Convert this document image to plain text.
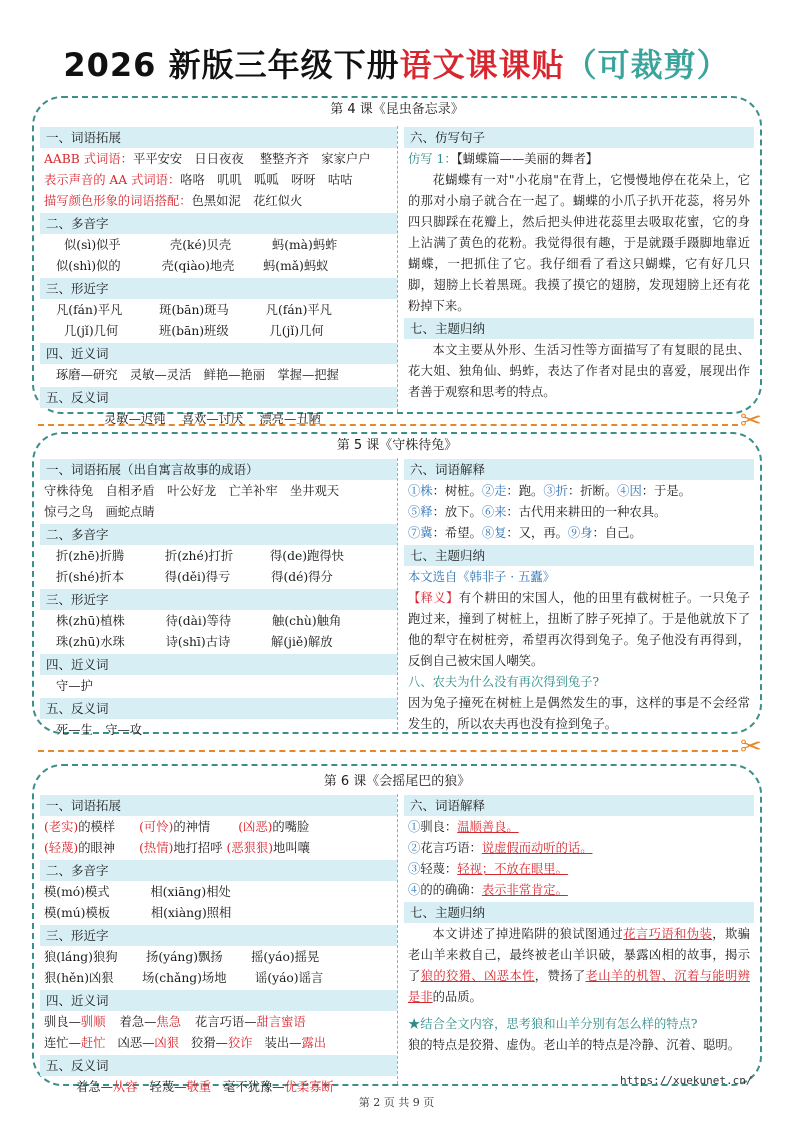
2026 新版三年级下册语文课课贴（可裁剪）
第 4 课《昆虫备忘录》
一、词语拓展
AABB 式词语：平平安安　日日夜夜　 整整齐齐　家家户户
表示声音的 AA 式词语：咯咯　叽叽　呱呱　呀呀　咕咕
描写颜色形象的词语搭配：色黑如泥　花红似火
二、多音字
似(sì)似乎　　　　壳(ké)贝壳　　　 蚂(mà)蚂蚱
似(shì)似的　　　 壳(qiào)地壳　　 蚂(mǎ)蚂蚁
三、形近字
凡(fán)平凡　　　斑(bān)斑马　　　凡(fán)平凡
几(jǐ)几何　　　 班(bān)班级　　　 几(jǐ)几何
四、近义词
琢磨—研究　灵敏—灵活　鲜艳—艳丽　掌握—把握
五、反义词
灵敏—迟钝　 喜欢—讨厌　 漂亮—丑陋
六、仿写句子
仿写 1：【蝴蝶篇——美丽的舞者】
花蝴蝶有一对"小花扇"在背上，它慢慢地停在花朵上，它的那对小扇子就合在一起了。蝴蝶的小爪子扒开花蕊，将另外四只脚踩在花瓣上，然后把头伸进花蕊里去吸取花蜜，它的身上沾满了黄色的花粉。我觉得很有趣，于是就蹑手蹑脚地靠近蝴蝶，一把抓住了它。我仔细看了看这只蝴蝶，它有好几只脚，翅膀上长着黑斑。我摸了摸它的翅膀，发现翅膀上还有花粉掉下来。
七、主题归纳
本文主要从外形、生活习性等方面描写了有复眼的昆虫、花大姐、独角仙、蚂蚱，表达了作者对昆虫的喜爱，展现出作者善于观察和思考的特点。
✂
第 5 课《守株待兔》
一、词语拓展（出自寓言故事的成语）
守株待兔　自相矛盾　叶公好龙　亡羊补牢　坐井观天
惊弓之鸟　画蛇点睛
二、多音字
折(zhē)折腾　　　 折(zhé)打折　　　得(de)跑得快
折(shé)折本　　　 得(děi)得亏　　　 得(dé)得分
三、形近字
株(zhū)植株　　　 待(dài)等待　　　 触(chù)触角
珠(zhū)水珠　　　 诗(shī)古诗　　　 解(jiě)解放
四、近义词
守—护
五、反义词
死—生　守—攻
六、词语解释
①株：树桩。②走：跑。③折：折断。④因：于是。
⑤释：放下。⑥来：古代用来耕田的一种农具。
⑦冀：希望。⑧复：又，再。⑨身：自己。
七、主题归纳
本文选自《韩非子 · 五蠹》
【释义】有个耕田的宋国人，他的田里有截树桩子。一只兔子跑过来，撞到了树桩上，扭断了脖子死掉了。于是他就放下了他的犁守在树桩旁，希望再次得到兔子。兔子他没有再得到，反倒自己被宋国人嘲笑。
八、农夫为什么没有再次得到兔子?
因为兔子撞死在树桩上是偶然发生的事，这样的事是不会经常发生的，所以农夫再也没有捡到兔子。
✂
第 6 课《会摇尾巴的狼》
一、词语拓展
(老实)的模样 (可怜)的神情 (凶恶)的嘴脸
(轻蔑)的眼神 (热情)地打招呼 (恶狠狠)地叫嚷
二、多音字
模(mó)模式　　　 相(xiāng)相处
模(mú)模板　　　 相(xiàng)照相
三、形近字
狼(láng)狼狗　　 扬(yáng)飘扬　　 摇(yáo)摇晃
狠(hěn)凶狠　　 场(chǎng)场地　　 谣(yáo)谣言
四、近义词
驯良—驯顺 着急—焦急 花言巧语—甜言蜜语
连忙—赶忙 凶恶—凶狠 狡猾—狡诈 装出—露出
五、反义词
着急—从容 轻蔑—敬重 毫不犹豫—优柔寡断
六、词语解释
①驯良：温顺善良。
②花言巧语：说虚假而动听的话。
③轻蔑：轻视；不放在眼里。
④的的确确：表示非常肯定。
七、主题归纳
本文讲述了掉进陷阱的狼试图通过花言巧语和伪装，欺骗老山羊来救自己，最终被老山羊识破，暴露凶相的故事，揭示了狼的狡猾、凶恶本性，赞扬了老山羊的机智、沉着与能明辨是非的品质。
★结合全文内容，思考狼和山羊分别有怎么样的特点?
狼的特点是狡猾、虚伪。老山羊的特点是冷静、沉着、聪明。
https://xuekunet.cn/
第 2 页 共 9 页
